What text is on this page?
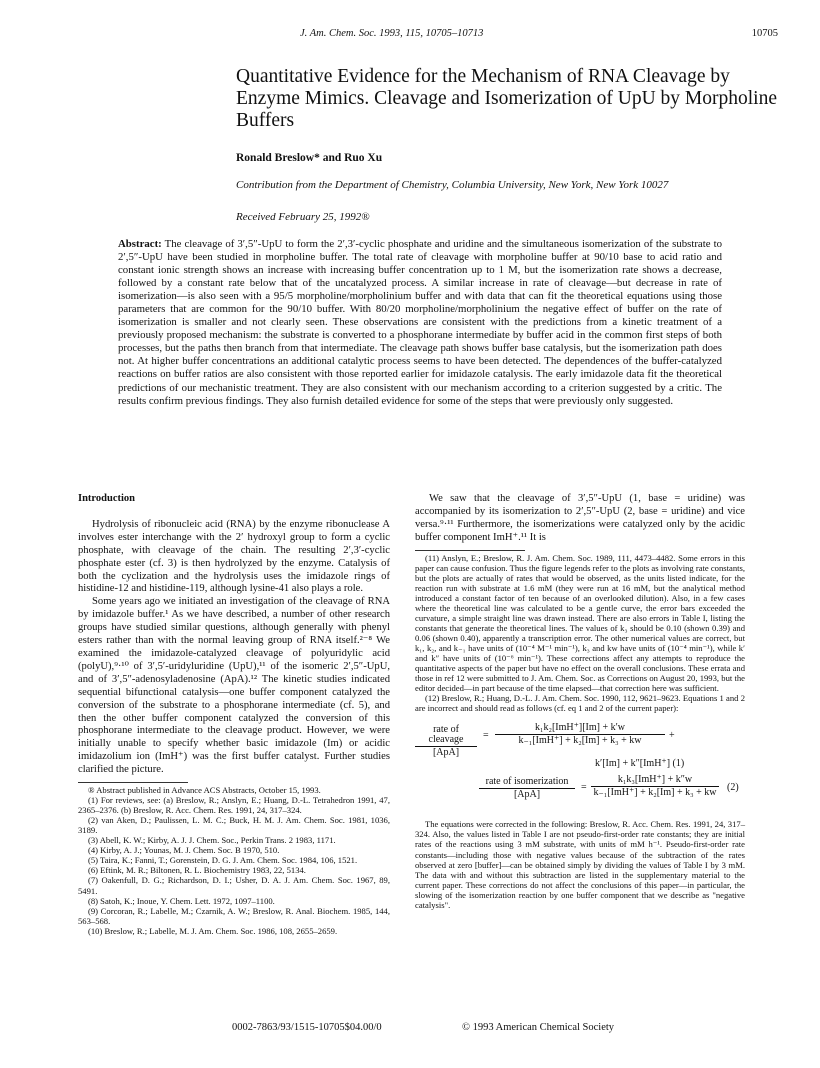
J. Am. Chem. Soc. 1993, 115, 10705–10713	10705
Quantitative Evidence for the Mechanism of RNA Cleavage by Enzyme Mimics. Cleavage and Isomerization of UpU by Morpholine Buffers
Ronald Breslow* and Ruo Xu
Contribution from the Department of Chemistry, Columbia University, New York, New York 10027
Received February 25, 1992®
Abstract: The cleavage of 3′,5″-UpU to form the 2′,3′-cyclic phosphate and uridine and the simultaneous isomerization of the substrate to 2′,5″-UpU have been studied in morpholine buffer. The total rate of cleavage with morpholine buffer at 90/10 base to acid ratio and constant ionic strength shows an increase with increasing buffer concentration up to 1 M, but the isomerization rate shows a decrease, followed by a constant rate below that of the uncatalyzed process. A similar increase in rate of cleavage—but decrease in rate of isomerization—is also seen with a 95/5 morpholine/morpholinium buffer and with data that can fit the theoretical equations using those parameters that are common for the 90/10 buffer. With 80/20 morpholine/morpholinium the negative effect of buffer on the rate of isomerization is smaller and not clearly seen. These observations are consistent with the predictions from a kinetic treatment of a previously proposed mechanism: the substrate is converted to a phosphorane intermediate by buffer acid in the common first steps of both processes, but the paths then branch from that intermediate. The cleavage path shows buffer base catalysis, but the isomerization path does not. At higher buffer concentrations an additional catalytic process seems to have been detected. The dependences of the buffer-catalyzed reactions on buffer ratios are also consistent with those reported earlier for imidazole catalysis. The early imidazole data fit the theoretical predictions of our mechanistic treatment. They are also consistent with our mechanism according to a criterion suggested by a critic. The results confirm previous findings. They also furnish detailed evidence for some of the steps that were previously only suggested.

Introduction

Hydrolysis of ribonucleic acid (RNA) by the enzyme ribonuclease A involves ester interchange with the 2′ hydroxyl group to form a cyclic phosphate, with cleavage of the chain. The resulting 2′,3′-cyclic phosphate ester (cf. 3) is then hydrolyzed by the enzyme. Catalysis of both the cyclization and the hydrolysis uses the imidazole rings of histidine-12 and histidine-119, although lysine-41 also plays a role.

Some years ago we initiated an investigation of the cleavage of RNA by imidazole buffer.¹ As we have described, a number of other research groups have studied similar questions, although generally with phenyl esters rather than with the normal leaving group of RNA itself.²⁻⁸ We examined the imidazole-catalyzed cleavage of polyuridylic acid (polyU),⁹·¹⁰ of 3′,5′-uridyluridine (UpU),¹¹ of the isomeric 2′,5″-UpU, and of 3′,5″-adenosyladenosine (ApA).¹² The kinetic studies indicated sequential bifunctional catalysis—one buffer component catalyzed the conversion of the substrate to a phosphorane intermediate (cf. 5), and then the other buffer component catalyzed the conversion of this phosphorane intermediate to the cleavage product. However, we were initially unable to specify whether basic imidazole (Im) or acidic imidazolium ion (ImH⁺) was the first buffer catalyst. Further studies clarified the picture.

® Abstract published in Advance ACS Abstracts, October 15, 1993.

(1) For reviews, see: (a) Breslow, R.; Anslyn, E.; Huang, D.-L. Tetrahedron 1991, 47, 2365–2376. (b) Breslow, R. Acc. Chem. Res. 1991, 24, 317–324.

(2) van Aken, D.; Paulissen, L. M. C.; Buck, H. M. J. Am. Chem. Soc. 1981, 1036, 3189.

(3) Abell, K. W.; Kirby, A. J. J. Chem. Soc., Perkin Trans. 2 1983, 1171.

(4) Kirby, A. J.; Younas, M. J. Chem. Soc. B 1970, 510.

(5) Taira, K.; Fanni, T.; Gorenstein, D. G. J. Am. Chem. Soc. 1984, 106, 1521.

(6) Eftink, M. R.; Biltonen, R. L. Biochemistry 1983, 22, 5134.

(7) Oakenfull, D. G.; Richardson, D. I.; Usher, D. A. J. Am. Chem. Soc. 1967, 89, 5491.

(8) Satoh, K.; Inoue, Y. Chem. Lett. 1972, 1097–1100.

(9) Corcoran, R.; Labelle, M.; Czarnik, A. W.; Breslow, R. Anal. Biochem. 1985, 144, 563–568.

(10) Breslow, R.; Labelle, M. J. Am. Chem. Soc. 1986, 108, 2655–2659.

We saw that the cleavage of 3′,5″-UpU (1, base = uridine) was accompanied by its isomerization to 2′,5″-UpU (2, base = uridine) and vice versa.⁹·¹¹ Furthermore, the isomerizations were catalyzed only by the acidic buffer component ImH⁺.¹¹ It is

(11) Anslyn, E.; Breslow, R. J. Am. Chem. Soc. 1989, 111, 4473–4482. Some errors in this paper can cause confusion. Thus the figure legends refer to the plots as involving rate constants, but the plots are actually of rates that would be observed, as the units listed indicate, for the reaction run with substrate at 1.6 mM (they were run at 16 mM, but the analytical method introduced a constant factor of ten because of an overlooked dilution). Also, in a few cases where the theoretical line was calculated to be a gentle curve, the error bars exceeded the curvature, a simple straight line was drawn instead. There are also errors in Table I, listing the constants that generate the theoretical lines. The values of k₃ should be 0.10 (shown 0.39) and 0.06 (shown 0.40), apparently a transcription error. The other numerical values are correct, but k₁, k₂, and k₋₁ have units of (10⁻⁴ M⁻¹ min⁻¹), k₃ and kw have units of (10⁻⁴ min⁻¹), while k′ and k″ have units of (10⁻⁶ min⁻¹). These corrections affect any attempts to reproduce the quantitative aspects of the paper but have no effect on the overall conclusions. These errata and those in ref 12 were submitted to J. Am. Chem. Soc. as Corrections on August 20, 1993, but the editor decided—in part because of the time elapsed—that correction here was sufficient.

(12) Breslow, R.; Huang, D.-L. J. Am. Chem. Soc. 1990, 112, 9621–9623. Equations 1 and 2 are incorrect and should read as follows (cf. eq 1 and 2 of the current paper):

rate of cleavage
[ApA]
=
k₁k₂[ImH⁺][Im] + k′w
k₋₁[ImH⁺] + k₂[Im] + k₃ + kw	+
k′[Im] + k″[ImH⁺] (1)
rate of isomerization
[ApA]
=
k₁k₃[ImH⁺] + k″w
k₋₁[ImH⁺] + k₂[Im] + k₃ + kw (2)

The equations were corrected in the following: Breslow, R. Acc. Chem. Res. 1991, 24, 317–324. Also, the values listed in Table I are not pseudo-first-order rate constants; they are initial rates of the reactions using 3 mM substrate, with units of mM h⁻¹. Pseudo-first-order rate constants—including those with negative values because of the subtraction of the rates observed at zero [buffer]—can be obtained simply by dividing the values of Table I by 3 mM. The data with and without this subtraction are listed in the supplementary material to the current paper. These corrections do not affect the conclusions of this paper—in particular, the slowing of the isomerization reaction by one buffer component that we describe as "negative catalysis".

0002-7863/93/1515-10705$04.00/0	© 1993 American Chemical Society
